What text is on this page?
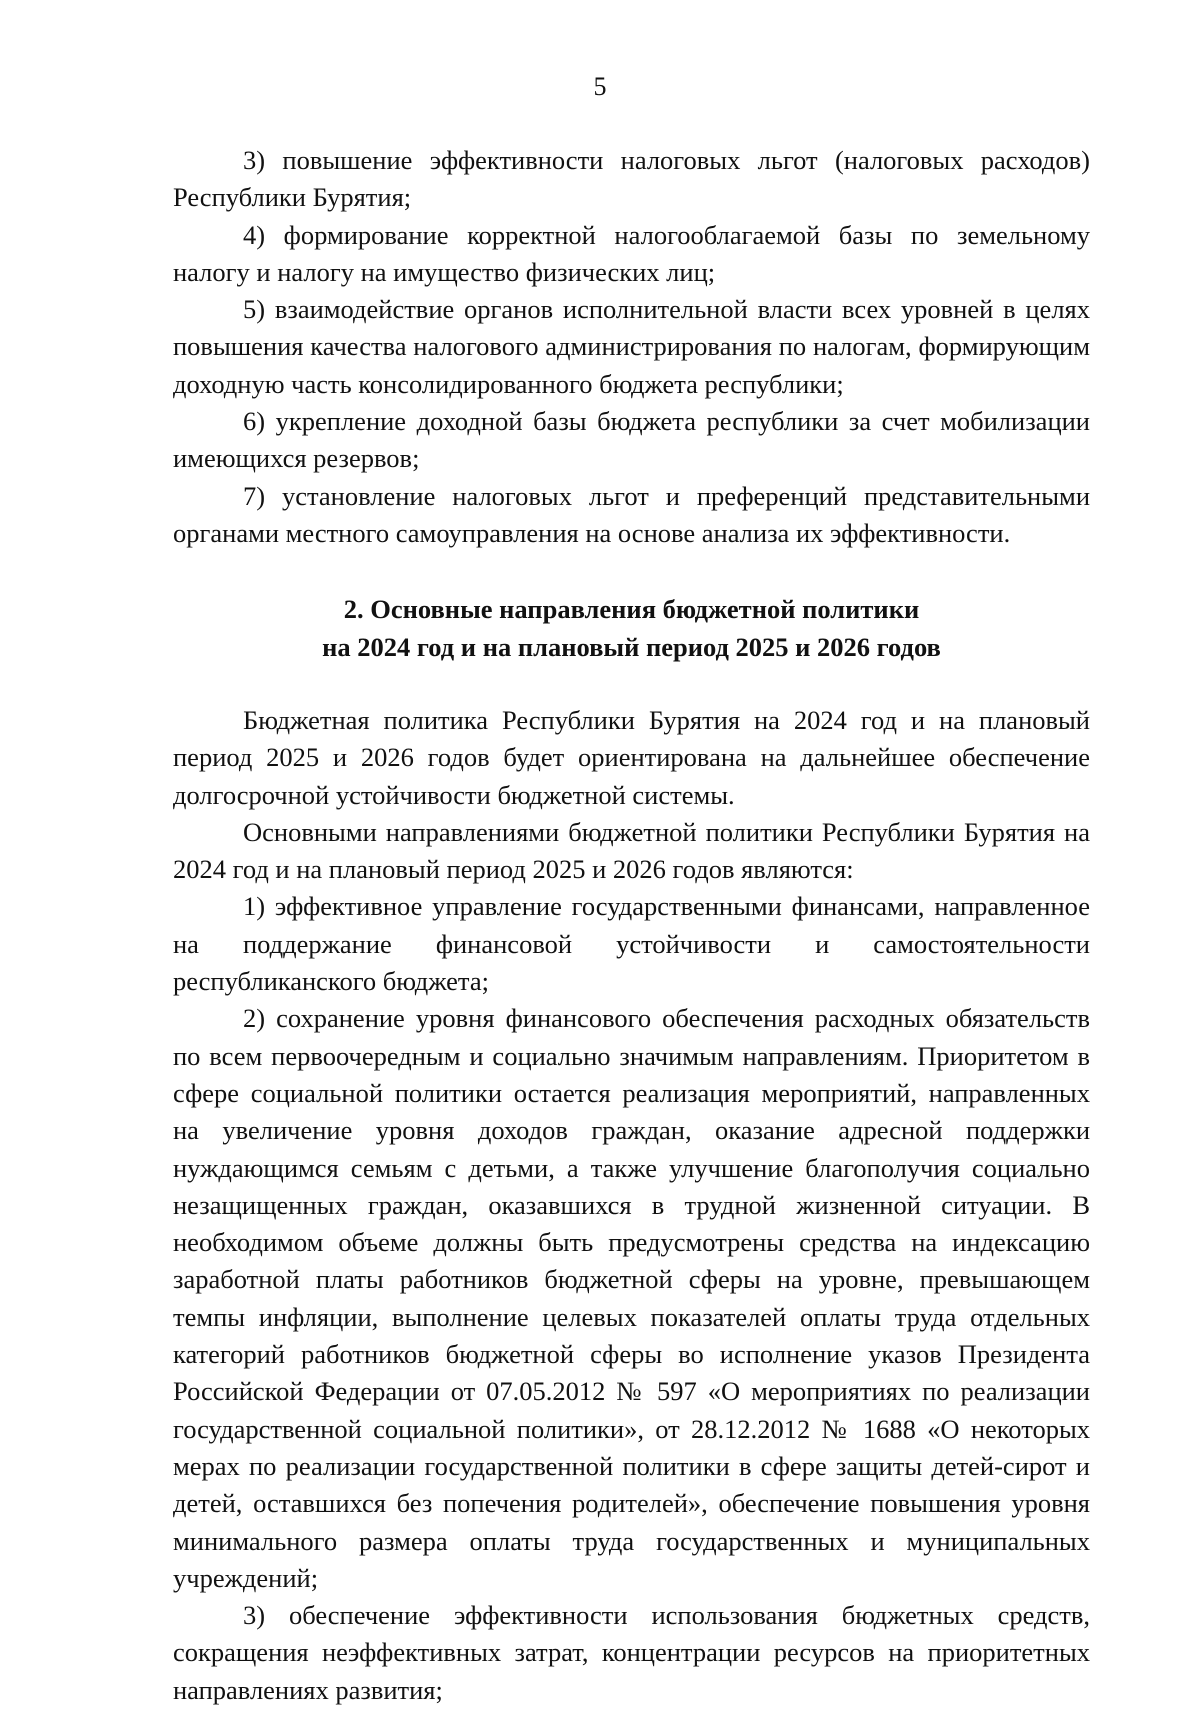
5

3) повышение эффективности налоговых льгот (налоговых расходов) Республики Бурятия;

4) формирование корректной налогооблагаемой базы по земельному налогу и налогу на имущество физических лиц;

5) взаимодействие органов исполнительной власти всех уровней в целях повышения качества налогового администрирования по налогам, формирующим доходную часть консолидированного бюджета республики;

6) укрепление доходной базы бюджета республики за счет мобилизации имеющихся резервов;

7) установление налоговых льгот и преференций представительными органами местного самоуправления на основе анализа их эффективности.

2. Основные направления бюджетной политики
на 2024 год и на плановый период 2025 и 2026 годов

Бюджетная политика Республики Бурятия на 2024 год и на плановый период 2025 и 2026 годов будет ориентирована на дальнейшее обеспечение долгосрочной устойчивости бюджетной системы.

Основными направлениями бюджетной политики Республики Бурятия на 2024 год и на плановый период 2025 и 2026 годов являются:

1) эффективное управление государственными финансами, направленное на поддержание финансовой устойчивости и самостоятельности республиканского бюджета;

2) сохранение уровня финансового обеспечения расходных обязательств по всем первоочередным и социально значимым направлениям. Приоритетом в сфере социальной политики остается реализация мероприятий, направленных на увеличение уровня доходов граждан, оказание адресной поддержки нуждающимся семьям с детьми, а также улучшение благополучия социально незащищенных граждан, оказавшихся в трудной жизненной ситуации. В необходимом объеме должны быть предусмотрены средства на индексацию заработной платы работников бюджетной сферы на уровне, превышающем темпы инфляции, выполнение целевых показателей оплаты труда отдельных категорий работников бюджетной сферы во исполнение указов Президента Российской Федерации от 07.05.2012 № 597 «О мероприятиях по реализации государственной социальной политики», от 28.12.2012 № 1688 «О некоторых мерах по реализации государственной политики в сфере защиты детей-сирот и детей, оставшихся без попечения родителей», обеспечение повышения уровня минимального размера оплаты труда государственных и муниципальных учреждений;

3) обеспечение эффективности использования бюджетных средств, сокращения неэффективных затрат, концентрации ресурсов на приоритетных направлениях развития;
